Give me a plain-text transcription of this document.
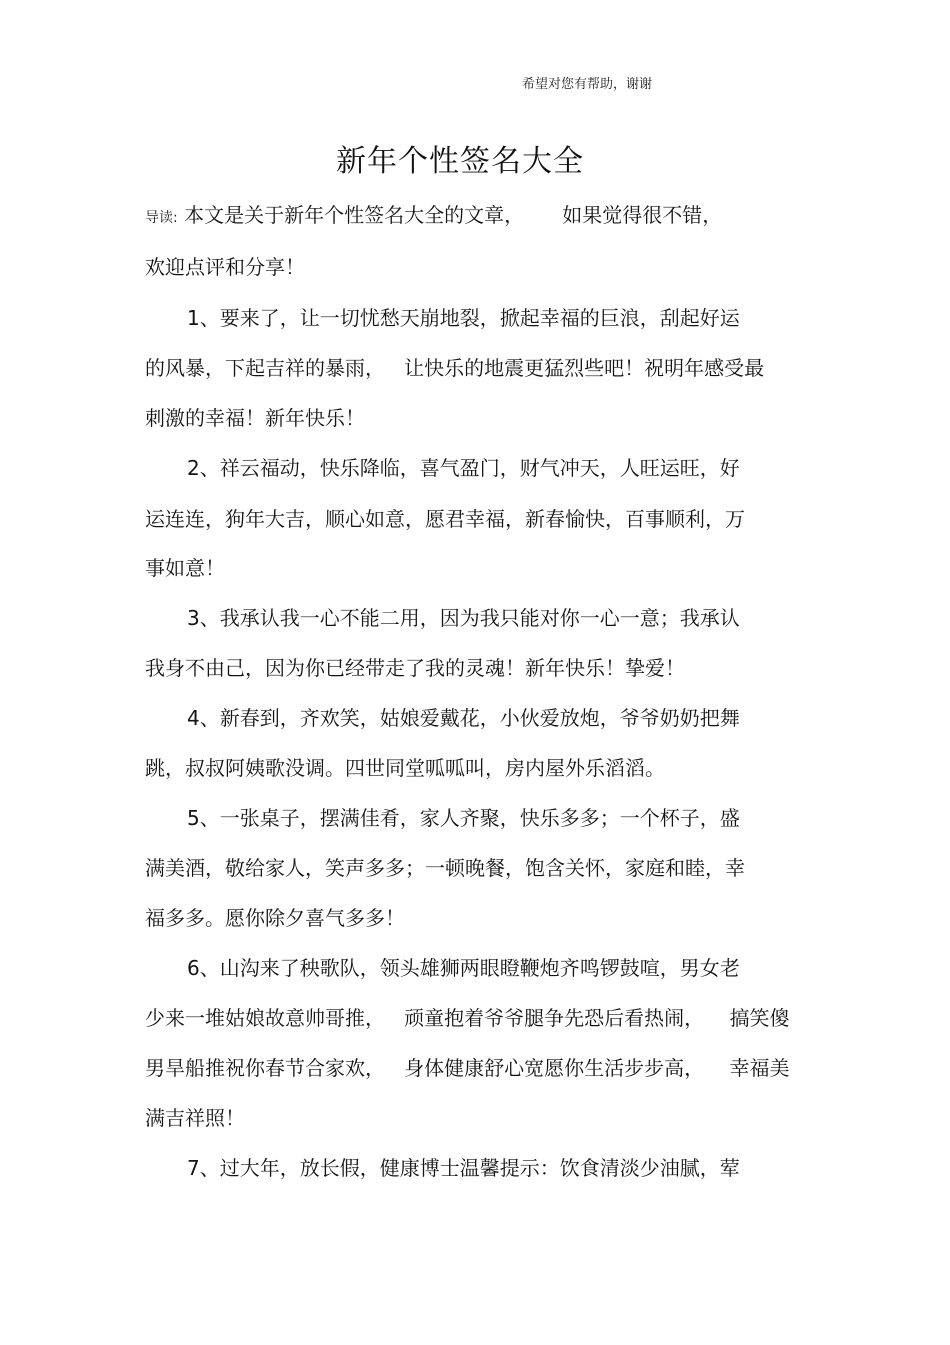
希望对您有帮助，谢谢
新年个性签名大全
导读: 本文是关于新年个性签名大全的文章，      如果觉得很不错，
欢迎点评和分享！
1、要来了，让一切忧愁天崩地裂，掀起幸福的巨浪，刮起好运
的风暴，下起吉祥的暴雨，   让快乐的地震更猛烈些吧！祝明年感受最
刺激的幸福！新年快乐！
2、祥云福动，快乐降临，喜气盈门，财气冲天，人旺运旺，好
运连连，狗年大吉，顺心如意，愿君幸福，新春愉快，百事顺利，万
事如意！
3、我承认我一心不能二用，因为我只能对你一心一意；我承认
我身不由己，因为你已经带走了我的灵魂！新年快乐！挚爱！
4、新春到，齐欢笑，姑娘爱戴花，小伙爱放炮，爷爷奶奶把舞
跳，叔叔阿姨歌没调。四世同堂呱呱叫，房内屋外乐滔滔。
5、一张桌子，摆满佳肴，家人齐聚，快乐多多；一个杯子，盛
满美酒，敬给家人，笑声多多；一顿晚餐，饱含关怀，家庭和睦，幸
福多多。愿你除夕喜气多多！
6、山沟来了秧歌队，领头雄狮两眼瞪鞭炮齐鸣锣鼓喧，男女老
少来一堆姑娘故意帅哥推，   顽童抱着爷爷腿争先恐后看热闹，    搞笑傻
男旱船推祝你春节合家欢，   身体健康舒心宽愿你生活步步高，    幸福美
满吉祥照！
7、过大年，放长假，健康博士温馨提示：饮食清淡少油腻，荤
